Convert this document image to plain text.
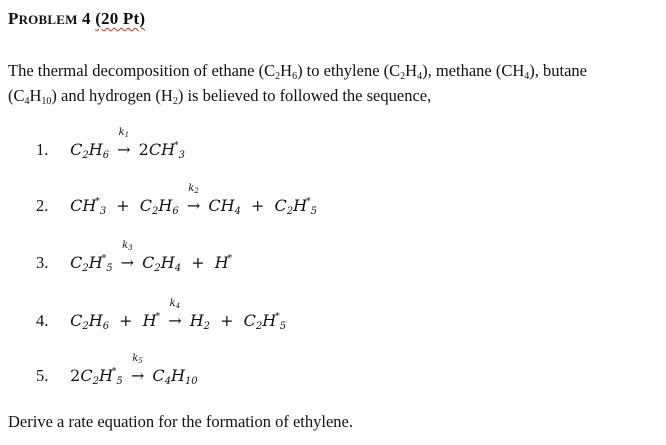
PROBLEM 4 (20 Pt)
The thermal decomposition of ethane $(C_2H_6)$ to ethylene $(C_2H_4)$, methane $(CH_4)$, butane
$(C_4H_{10})$ and hydrogen $(H_2)$ is believed to followed the sequence,
1. $C_2H_6$
$k_1$
→ $2CH^*_3$
2. $CH^*_3 + C_2H_6$
$k_2$
→ $CH_4 + C_2H^*_5$
3. $C_2H^*_5$
$k_3$
→ $C_2H_4 + H^*$
4. $C_2H_6 + H^*$
$k_4$
→ $H_2 + C_2H^*_5$
5. $2C_2H^*_5$
$k_5$
→ $C_4H_{10}$
Derive a rate equation for the formation of ethylene.
